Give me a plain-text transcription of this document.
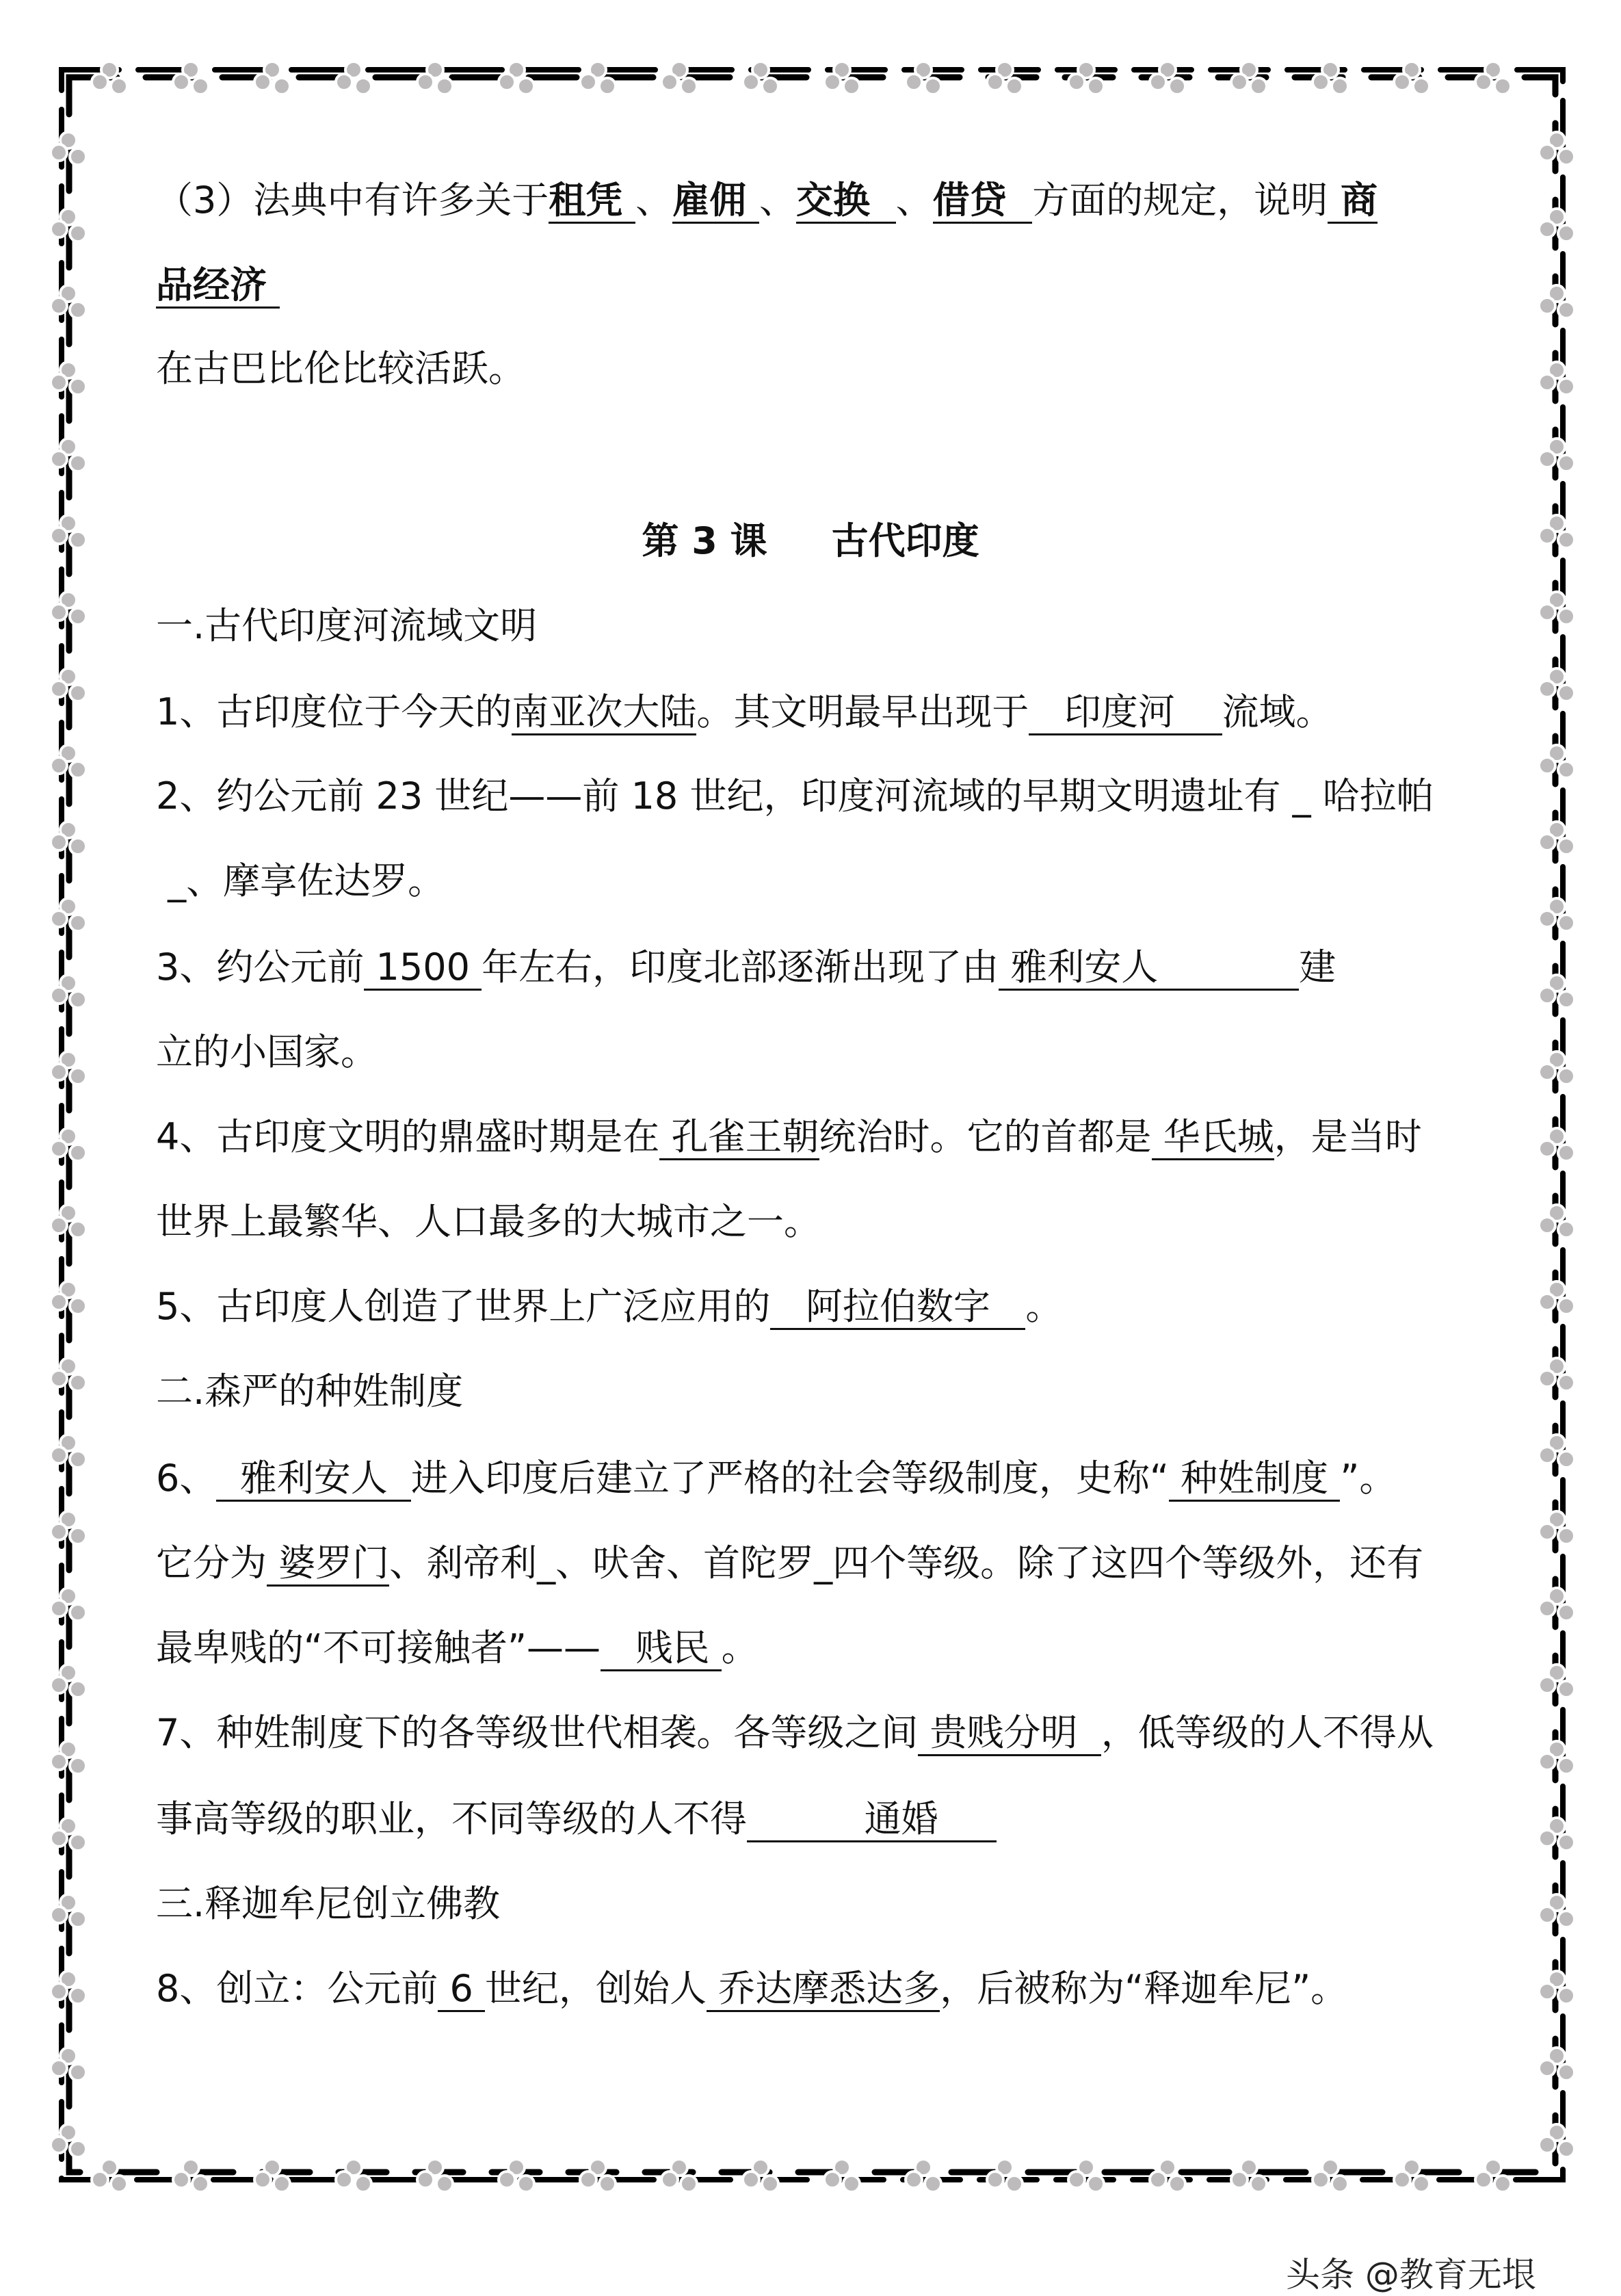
（3）法典中有许多关于租凭 、雇佣 、交换  、借贷  方面的规定，说明 商
品经济
在古巴比伦比较活跃。
第 3 课     古代印度
一.古代印度河流域文明
1、古印度位于今天的南亚次大陆。其文明最早出现于   印度河    流域。
2、约公元前 23 世纪——前 18 世纪，印度河流域的早期文明遗址有 _ 哈拉帕
_、摩享佐达罗。
3、约公元前 1500 年左右，印度北部逐渐出现了由 雅利安人            建
立的小国家。
4、古印度文明的鼎盛时期是在 孔雀王朝统治时。它的首都是 华氏城，是当时
世界上最繁华、人口最多的大城市之一。
5、古印度人创造了世界上广泛应用的   阿拉伯数字   。
二.森严的种姓制度
6、  雅利安人  进入印度后建立了严格的社会等级制度，史称“ 种姓制度 ”。
它分为 婆罗门、刹帝利_、吠舍、首陀罗_四个等级。除了这四个等级外，还有
最卑贱的“不可接触者”——   贱民 。
7、种姓制度下的各等级世代相袭。各等级之间 贵贱分明  ，低等级的人不得从
事高等级的职业，不同等级的人不得          通婚
三.释迦牟尼创立佛教
8、创立：公元前 6 世纪，创始人 乔达摩悉达多，后被称为“释迦牟尼”。
头条 @教育无垠
